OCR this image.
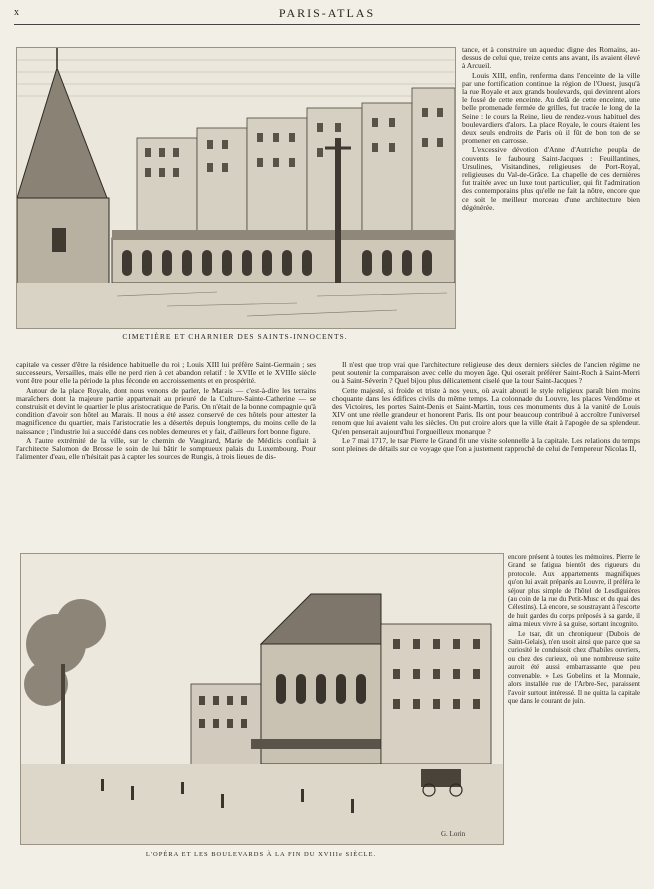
x	PARIS-ATLAS
CIMETIÈRE ET CHARNIER DES SAINTS-INNOCENTS.

tance, et à construire un aqueduc digne des Romains, au-dessus de celui que, treize cents ans avant, ils avaient élevé à Arcueil.

Louis XIII, enfin, renferma dans l'enceinte de la ville par une fortification continue la région de l'Ouest, jusqu'à la rue Royale et aux grands boulevards, qui devinrent alors le fossé de cette enceinte. Au delà de cette enceinte, une belle promenade fermée de grilles, fut tracée le long de la Seine : le cours la Reine, lieu de rendez-vous habituel des boulevardiers d'alors. La place Royale, le cours étaient les deux seuls endroits de Paris où il fût de bon ton de se promener en carrosse.

L'excessive dévotion d'Anne d'Autriche peupla de couvents le faubourg Saint-Jacques : Feuillantines, Ursulines, Visitandines, religieuses de Port-Royal, religieuses du Val-de-Grâce. La chapelle de ces dernières fut traitée avec un luxe tout particulier, qui fit l'admiration des contemporains plus qu'elle ne fait la nôtre, encore que ce soit le meilleur morceau d'une architecture bien dégénérée.

capitale va cesser d'être la résidence habituelle du roi ; Louis XIII lui préfère Saint-Germain ; ses successeurs, Versailles, mais elle ne perd rien à cet abandon relatif : le XVIIe et le XVIIIe siècle vont être pour elle la période la plus féconde en accroissements et en prospérité.

Autour de la place Royale, dont nous venons de parler, le Marais — c'est-à-dire les terrains maraîchers dont la majeure partie appartenait au prieuré de la Culture-Sainte-Catherine — se construisit et devint le quartier le plus aristocratique de Paris. On n'était de la bonne compagnie qu'à condition d'avoir son hôtel au Marais. Il nous a été assez conservé de ces hôtels pour attester la magnificence du quartier, mais l'aristocratie les a désertés depuis longtemps, du moins celle de la naissance ; l'industrie lui a succédé dans ces nobles demeures et y fait, d'ailleurs fort bonne figure.

A l'autre extrémité de la ville, sur le chemin de Vaugirard, Marie de Médicis confiait à l'architecte Salomon de Brosse le soin de lui bâtir le somptueux palais du Luxembourg. Pour l'alimenter d'eau, elle n'hésitait pas à capter les sources de Rungis, à trois lieues de dis-

Il n'est que trop vrai que l'architecture religieuse des deux derniers siècles de l'ancien régime ne peut soutenir la comparaison avec celle du moyen âge. Qui oserait préférer Saint-Roch à Saint-Merri ou à Saint-Séverin ? Quel bijou plus délicatement ciselé que la tour Saint-Jacques ?

Cette majesté, si froide et triste à nos yeux, où avait abouti le style religieux paraît bien moins choquante dans les édifices civils du même temps. La colonnade du Louvre, les places Vendôme et des Victoires, les portes Saint-Denis et Saint-Martin, tous ces monuments dus à la vanité de Louis XIV ont une réelle grandeur et honorent Paris. Ils ont pour beaucoup contribué à accroître l'universel renom que lui avaient valu les siècles. On put croire alors que la ville était à l'apogée de sa splendeur. Qu'en penserait aujourd'hui l'orgueilleux monarque ?

Le 7 mai 1717, le tsar Pierre le Grand fit une visite solennelle à la capitale. Les relations du temps sont pleines de détails sur ce voyage que l'on a justement rapproché de celui de l'empereur Nicolas II,

G. Lorin
L'OPÉRA ET LES BOULEVARDS À LA FIN DU XVIIIe SIÈCLE.

encore présent à toutes les mémoires. Pierre le Grand se fatigua bientôt des rigueurs du protocole. Aux appartements magnifiques qu'on lui avait préparés au Louvre, il préféra le séjour plus simple de l'hôtel de Lesdiguières (au coin de la rue du Petit-Musc et du quai des Célestins). Là encore, se soustrayant à l'escorte de huit gardes du corps préposés à sa garde, il aima mieux vivre à sa guise, sortant incognito.

Le tsar, dit un chroniqueur (Dubois de Saint-Gelais), n'en usoit ainsi que parce que sa curiosité le conduisoit chez d'habiles ouvriers, ou chez des curieux, où une nombreuse suite auroit été aussi embarrassante que peu convenable. » Les Gobelins et la Monnaie, alors installée rue de l'Arbre-Sec, paraissent l'avoir surtout intéressé. Il ne quitta la capitale que dans le courant de juin.
